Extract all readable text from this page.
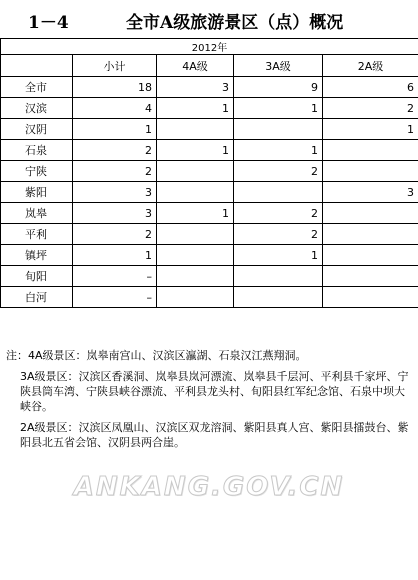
1－4	全市A级旅游景区（点）概况
2012年				
	小计	4A级	3A级	2A级
全市	18	3	9	6
汉滨	4	1	1	2
汉阴	1			1
石泉	2	1	1	
宁陕	2		2	
紫阳	3			3
岚皋	3	1	2	
平利	2		2	
镇坪	1		1	
旬阳	–			
白河	–			

注：4A级景区：岚皋南宫山、汉滨区瀛湖、石泉汉江燕翔洞。

3A级景区：汉滨区香溪洞、岚皋县岚河漂流、岚皋县千层河、平利县千家坪、宁陕县筒车湾、宁陕县峡谷漂流、平利县龙头村、旬阳县红军纪念馆、石泉中坝大峡谷。

2A级景区：汉滨区凤凰山、汉滨区双龙溶洞、紫阳县真人宫、紫阳县擂鼓台、紫阳县北五省会馆、汉阴县两合崖。

ANKANG.GOV.CN
